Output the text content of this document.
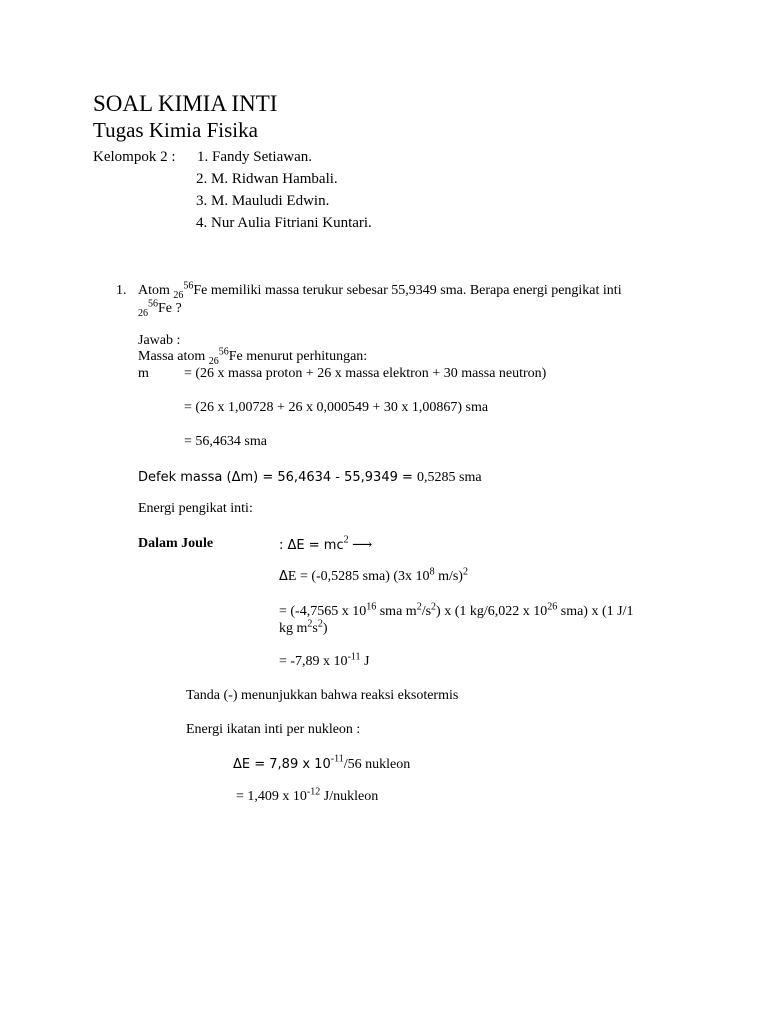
SOAL KIMIA INTI
Tugas Kimia Fisika
Kelompok 2 : 1. Fandy Setiawan.
2. M. Ridwan Hambali.
3. M. Mauludi Edwin.
4. Nur Aulia Fitriani Kuntari.
1. Atom $_{26}^{56}$Fe memiliki massa terukur sebesar 55,9349 sma. Berapa energi pengikat inti
$_{26}^{56}$Fe ?
Jawab :
Massa atom $_{26}^{56}$Fe menurut perhitungan:
m	= (26 x massa proton + 26 x massa elektron + 30 massa neutron)
= (26 x 1,00728 + 26 x 0,000549 + 30 x 1,00867) sma
= 56,4634 sma
Defek massa (Δm) = 56,4634 - 55,9349 = 0,5285 sma
Energi pengikat inti:
Dalam Joule	: $\Delta E = mc^2$ ⟶
ΔE = (-0,5285 sma) (3x $10^8$ m/s)$^2$
= (-4,7565 x $10^{16}$ sma $m^2/s^2$) x (1 kg/6,022 x $10^{26}$ sma) x (1 J/1
kg $m^2s^2$)
= -7,89 x $10^{-11}$ J
Tanda (-) menunjukkan bahwa reaksi eksotermis
Energi ikatan inti per nukleon :
ΔE = 7,89 x $10^{-11}/56$ nukleon
= 1,409 x $10^{-12}$ J/nukleon
